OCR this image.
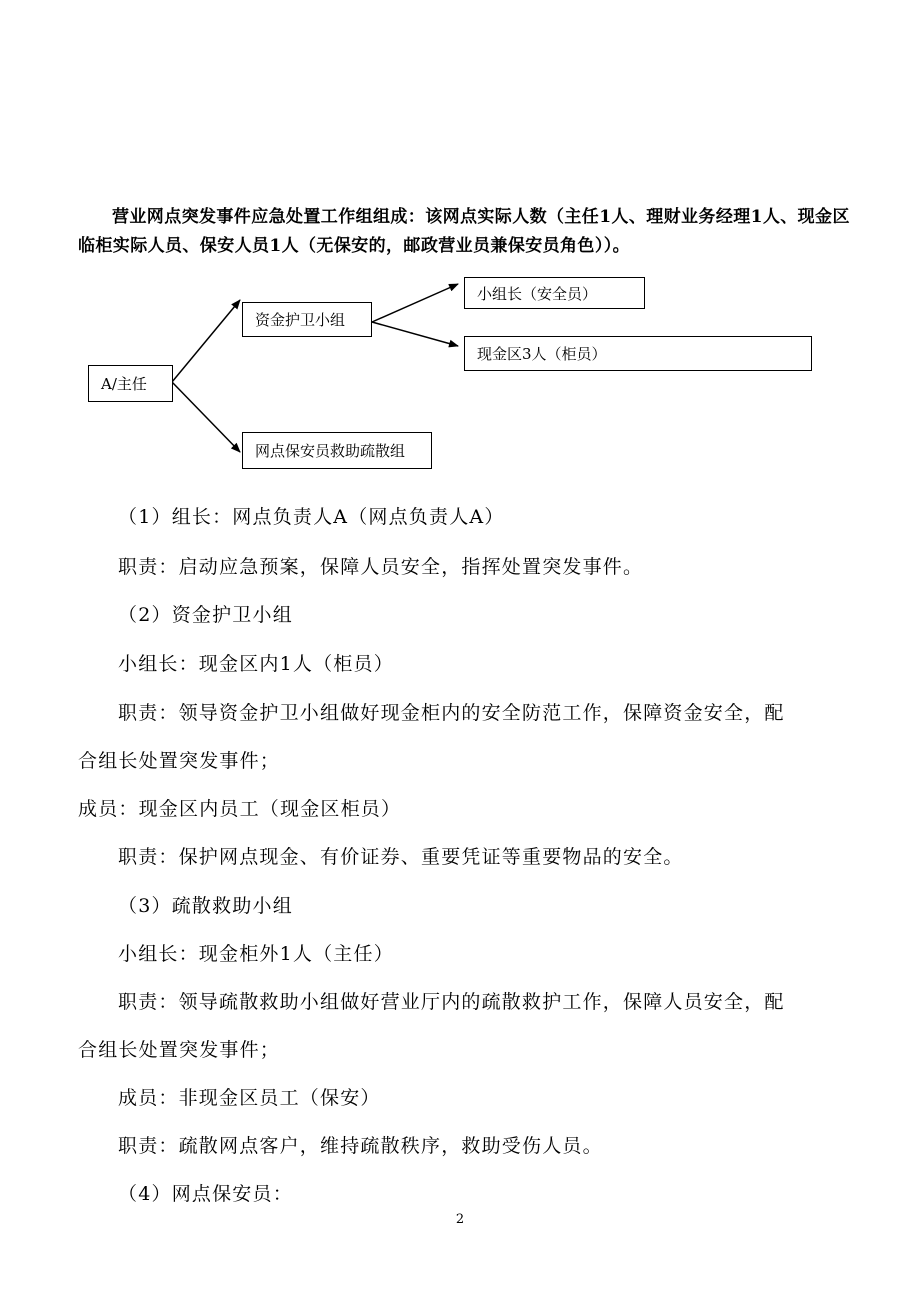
营业网点突发事件应急处置工作组组成：该网点实际人数（主任1人、理财业务经理1人、现金区临柜实际人员、保安人员1人（无保安的，邮政营业员兼保安员角色））。

A/主任
资金护卫小组
小组长（安全员）
现金区3人（柜员）
网点保安员救助疏散组

（1）组长：网点负责人A（网点负责人A）

职责：启动应急预案，保障人员安全，指挥处置突发事件。

（2）资金护卫小组

小组长：现金区内1人（柜员）

职责：领导资金护卫小组做好现金柜内的安全防范工作，保障资金安全，配

合组长处置突发事件；

成员：现金区内员工（现金区柜员）

职责：保护网点现金、有价证券、重要凭证等重要物品的安全。

（3）疏散救助小组

小组长：现金柜外1人（主任）

职责：领导疏散救助小组做好营业厅内的疏散救护工作，保障人员安全，配

合组长处置突发事件；

成员：非现金区员工（保安）

职责：疏散网点客户，维持疏散秩序，救助受伤人员。

（4）网点保安员：

2
